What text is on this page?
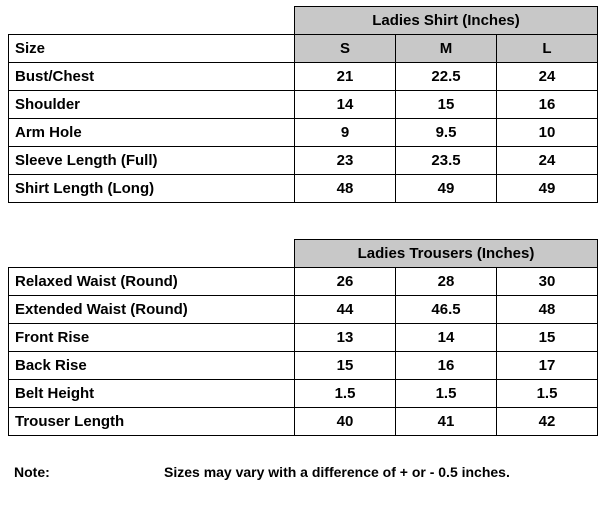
	Ladies Shirt (Inches)		
Size	S	M	L
Bust/Chest	21	22.5	24
Shoulder	14	15	16
Arm Hole	9	9.5	10
Sleeve Length (Full)	23	23.5	24
Shirt Length (Long)	48	49	49
	Ladies Trousers (Inches)		
Relaxed Waist (Round)	26	28	30
Extended Waist (Round)	44	46.5	48
Front Rise	13	14	15
Back Rise	15	16	17
Belt Height	1.5	1.5	1.5
Trouser Length	40	41	42
Note:	Sizes may vary with a difference of + or - 0.5 inches.
